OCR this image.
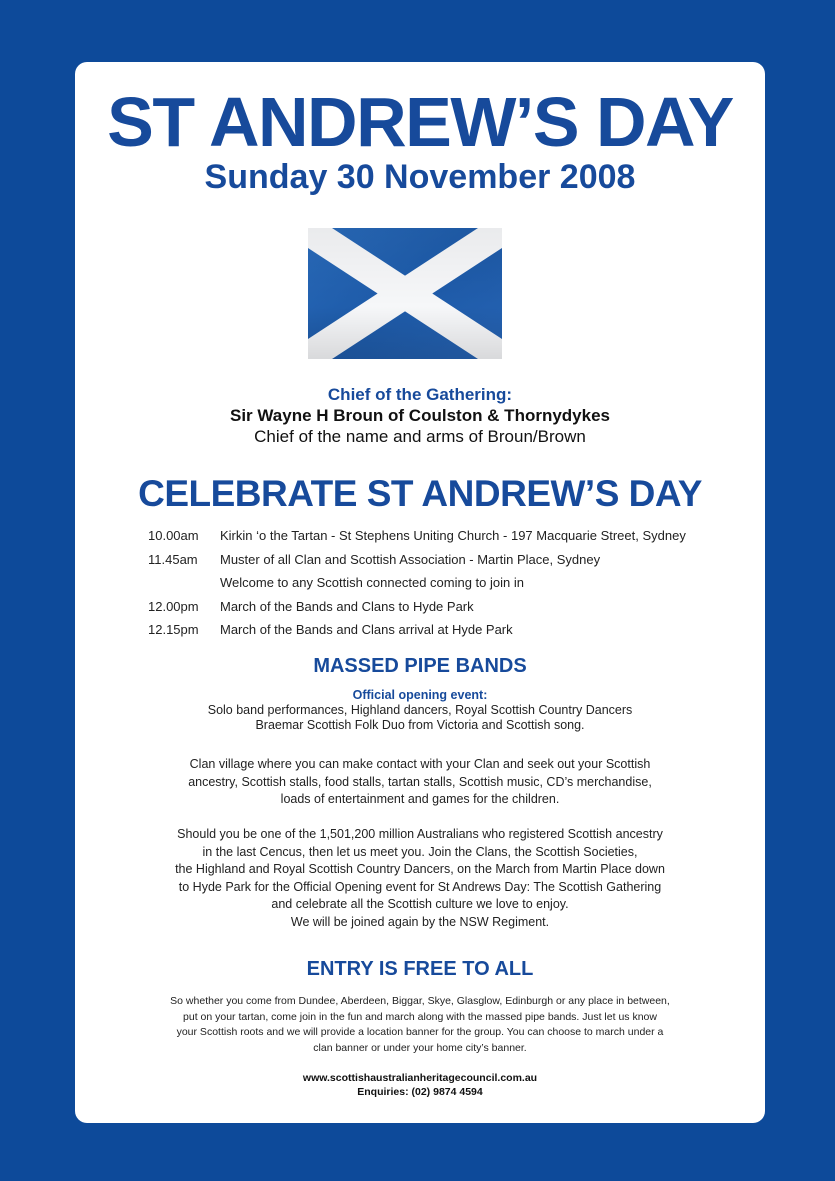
ST ANDREW’S DAY
Sunday 30 November 2008
Chief of the Gathering:
Sir Wayne H Broun of Coulston & Thornydykes
Chief of the name and arms of Broun/Brown
CELEBRATE ST ANDREW’S DAY
10.00am Kirkin ‘o the Tartan - St Stephens Uniting Church - 197 Macquarie Street, Sydney
11.45am Muster of all Clan and Scottish Association - Martin Place, Sydney
Welcome to any Scottish connected coming to join in
12.00pm March of the Bands and Clans to Hyde Park
12.15pm March of the Bands and Clans arrival at Hyde Park
MASSED PIPE BANDS
Official opening event:
Solo band performances, Highland dancers, Royal Scottish Country Dancers
Braemar Scottish Folk Duo from Victoria and Scottish song.
Clan village where you can make contact with your Clan and seek out your Scottish
ancestry, Scottish stalls, food stalls, tartan stalls, Scottish music, CD’s merchandise,
loads of entertainment and games for the children.
Should you be one of the 1,501,200 million Australians who registered Scottish ancestry
in the last Cencus, then let us meet you. Join the Clans, the Scottish Societies,
the Highland and Royal Scottish Country Dancers, on the March from Martin Place down
to Hyde Park for the Official Opening event for St Andrews Day: The Scottish Gathering
and celebrate all the Scottish culture we love to enjoy.
We will be joined again by the NSW Regiment.
ENTRY IS FREE TO ALL
So whether you come from Dundee, Aberdeen, Biggar, Skye, Glasglow, Edinburgh or any place in between,
put on your tartan, come join in the fun and march along with the massed pipe bands. Just let us know
your Scottish roots and we will provide a location banner for the group. You can choose to march under a
clan banner or under your home city’s banner.
www.scottishaustralianheritagecouncil.com.au
Enquiries: (02) 9874 4594
